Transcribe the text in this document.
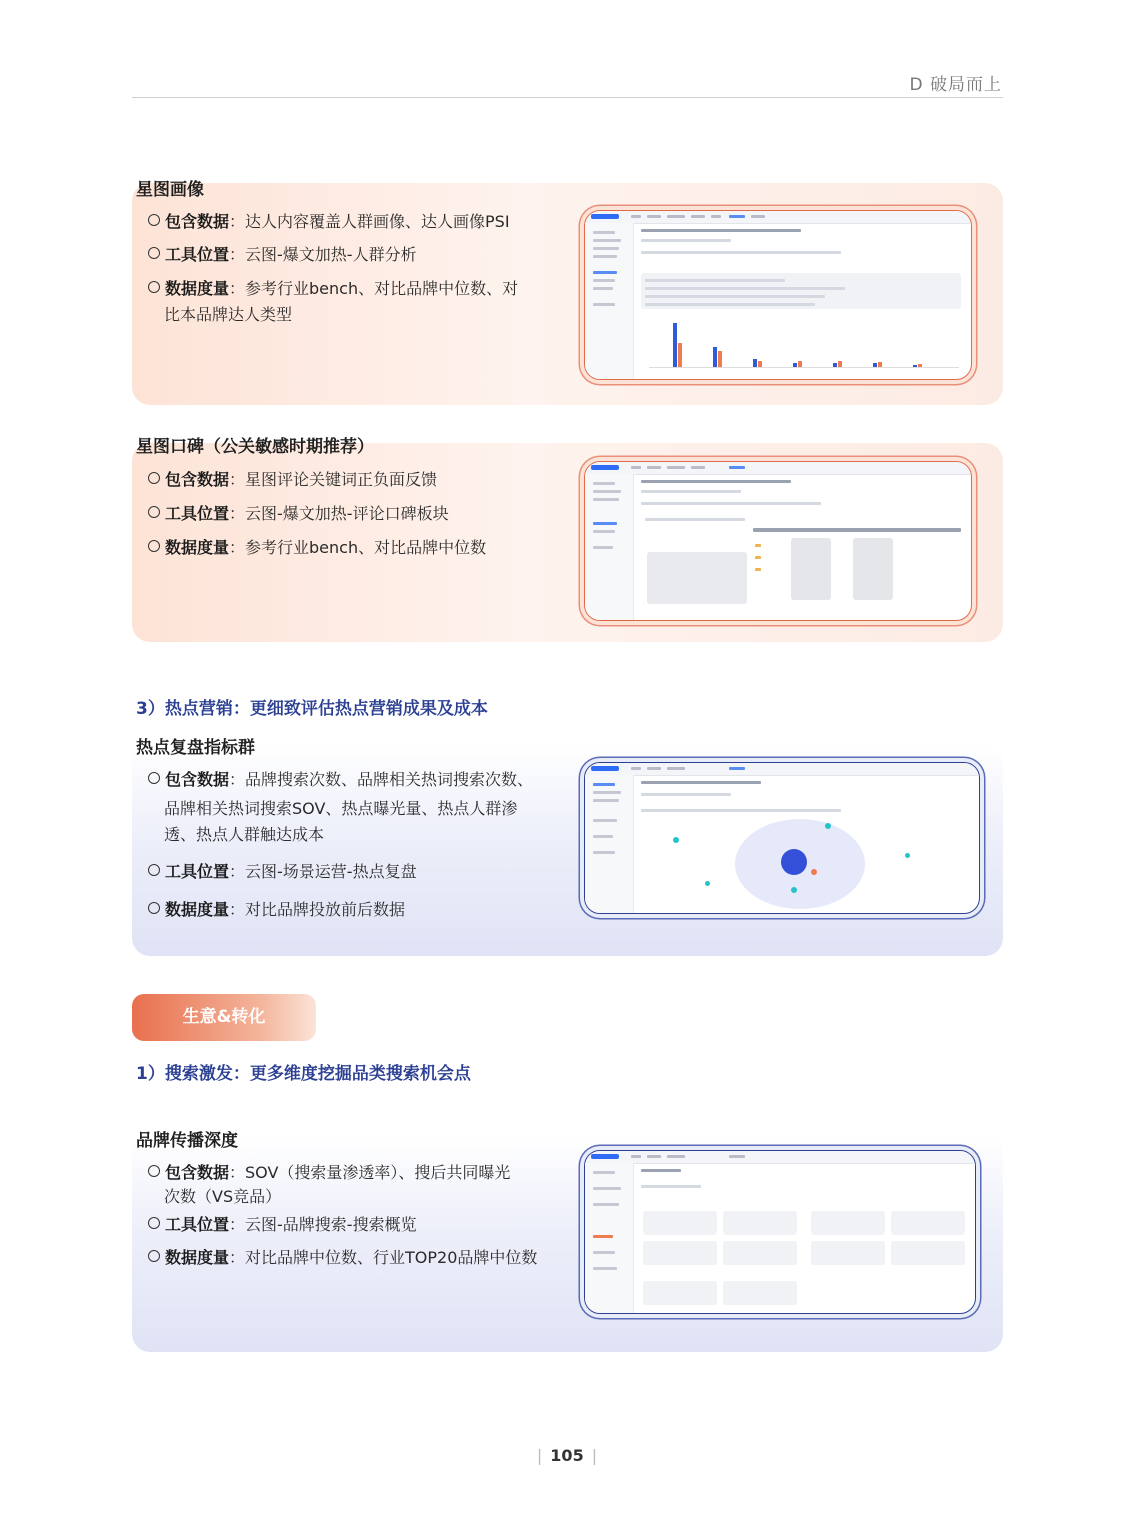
D 破局而上
星图画像
包含数据：达人内容覆盖人群画像、达人画像PSI
工具位置：云图-爆文加热-人群分析
数据度量：参考行业bench、对比品牌中位数、对
比本品牌达人类型
星图口碑（公关敏感时期推荐）
包含数据：星图评论关键词正负面反馈
工具位置：云图-爆文加热-评论口碑板块
数据度量：参考行业bench、对比品牌中位数
3）热点营销：更细致评估热点营销成果及成本
热点复盘指标群
包含数据：品牌搜索次数、品牌相关热词搜索次数、
品牌相关热词搜索SOV、热点曝光量、热点人群渗
透、热点人群触达成本
工具位置：云图-场景运营-热点复盘
数据度量：对比品牌投放前后数据
生意&转化
1）搜索激发：更多维度挖掘品类搜索机会点
品牌传播深度
包含数据：SOV（搜索量渗透率）、搜后共同曝光
次数（VS竞品）
工具位置：云图-品牌搜索-搜索概览
数据度量：对比品牌中位数、行业TOP20品牌中位数
| 105 |
